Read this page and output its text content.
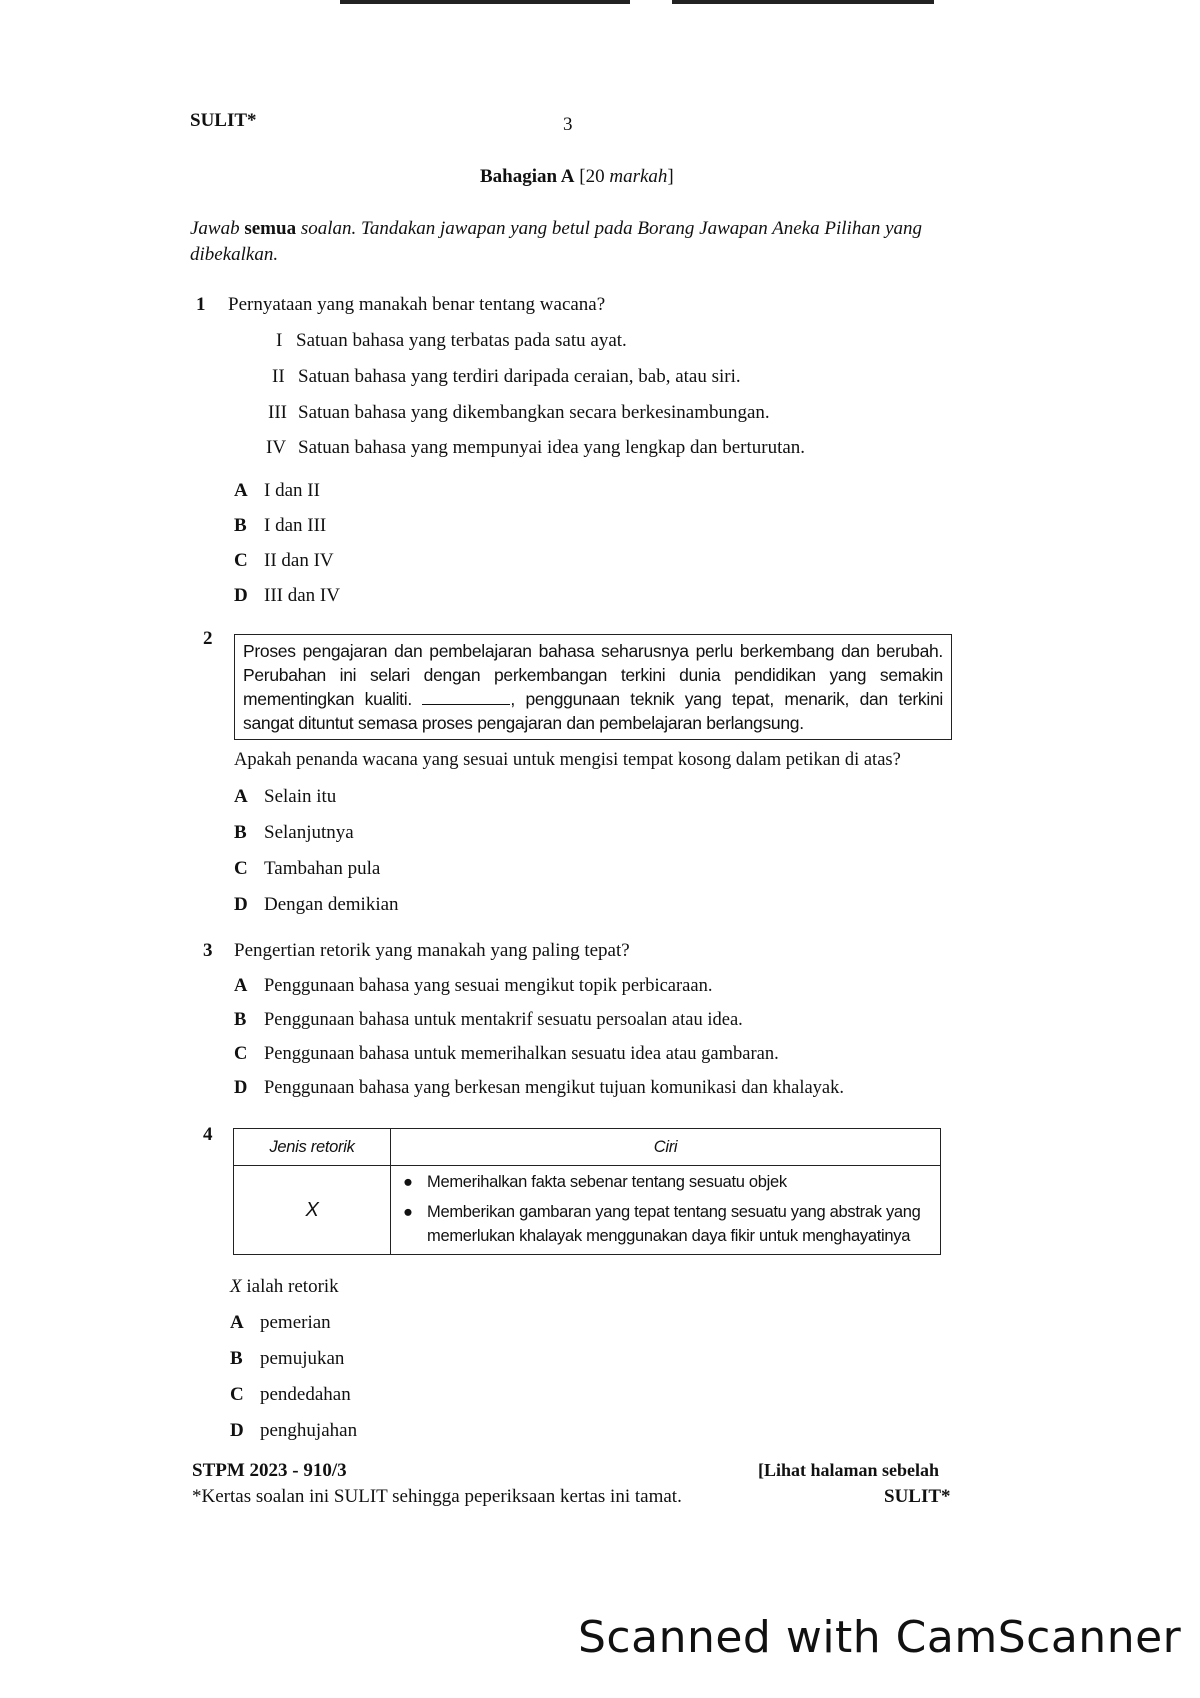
SULIT*	3
Bahagian A [20 markah]
Jawab semua soalan. Tandakan jawapan yang betul pada Borang Jawapan Aneka Pilihan yang dibekalkan.
1 Pernyataan yang manakah benar tentang wacana?
I Satuan bahasa yang terbatas pada satu ayat.
II Satuan bahasa yang terdiri daripada ceraian, bab, atau siri.
III Satuan bahasa yang dikembangkan secara berkesinambungan.
IV Satuan bahasa yang mempunyai idea yang lengkap dan berturutan.
A I dan II
B I dan III
C II dan IV
D III dan IV
2
Proses pengajaran dan pembelajaran bahasa seharusnya perlu berkembang dan berubah. Perubahan ini selari dengan perkembangan terkini dunia pendidikan yang semakin mementingkan kualiti.	, penggunaan teknik yang tepat, menarik, dan terkini sangat dituntut semasa proses pengajaran dan pembelajaran berlangsung.
Apakah penanda wacana yang sesuai untuk mengisi tempat kosong dalam petikan di atas?
A Selain itu
B Selanjutnya
C Tambahan pula
D Dengan demikian
3 Pengertian retorik yang manakah yang paling tepat?
A Penggunaan bahasa yang sesuai mengikut topik perbicaraan.
B Penggunaan bahasa untuk mentakrif sesuatu persoalan atau idea.
C Penggunaan bahasa untuk memerihalkan sesuatu idea atau gambaran.
D Penggunaan bahasa yang berkesan mengikut tujuan komunikasi dan khalayak.
4
Jenis retorik	Ciri
X	● Memerihalkan fakta sebenar tentang sesuatu objek
● Memberikan gambaran yang tepat tentang sesuatu yang abstrak yang memerlukan khalayak menggunakan daya fikir untuk menghayatinya
X ialah retorik
A pemerian
B pemujukan
C pendedahan
D penghujahan
STPM 2023 - 910/3	[Lihat halaman sebelah
*Kertas soalan ini SULIT sehingga peperiksaan kertas ini tamat.	SULIT*
Scanned with CamScanner
